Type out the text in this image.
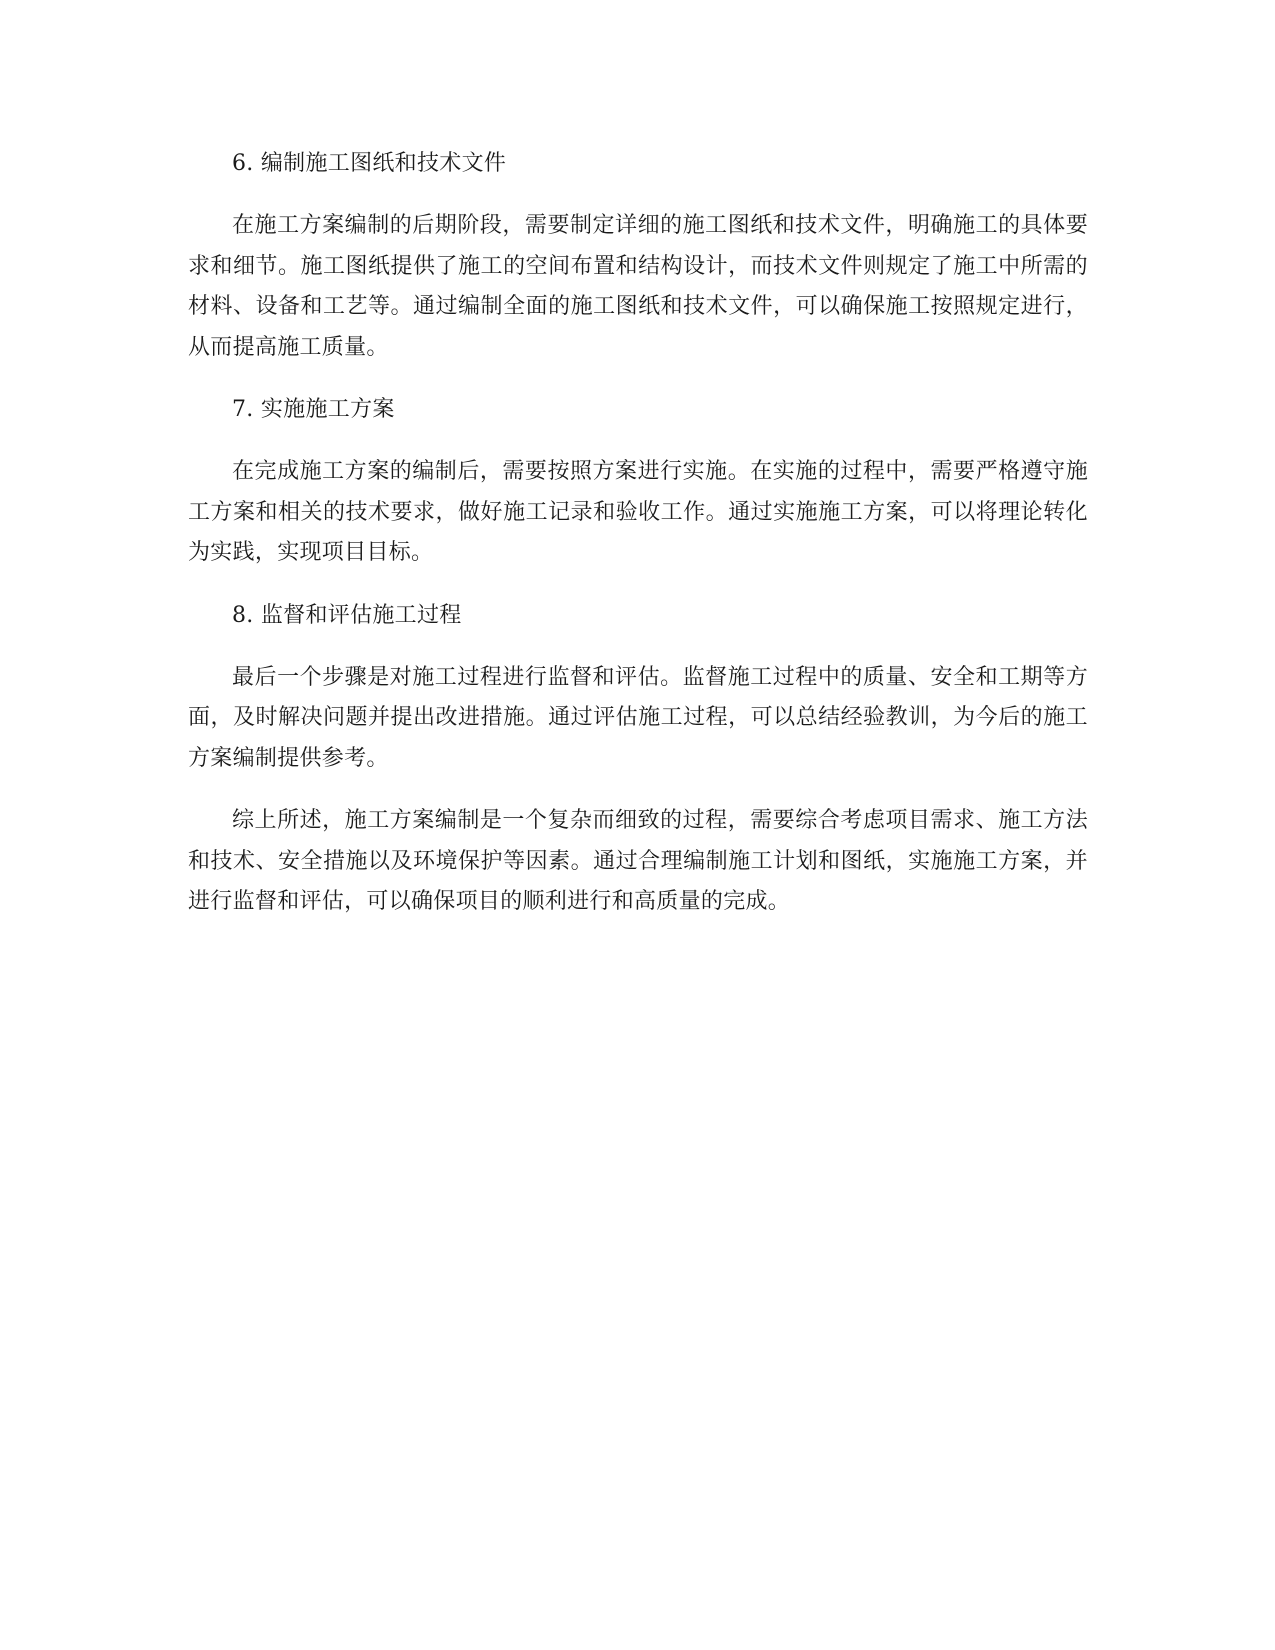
6. 编制施工图纸和技术文件

在施工方案编制的后期阶段，需要制定详细的施工图纸和技术文件，明确施工的具体要求和细节。施工图纸提供了施工的空间布置和结构设计，而技术文件则规定了施工中所需的材料、设备和工艺等。通过编制全面的施工图纸和技术文件，可以确保施工按照规定进行，从而提高施工质量。

7. 实施施工方案

在完成施工方案的编制后，需要按照方案进行实施。在实施的过程中，需要严格遵守施工方案和相关的技术要求，做好施工记录和验收工作。通过实施施工方案，可以将理论转化为实践，实现项目目标。

8. 监督和评估施工过程

最后一个步骤是对施工过程进行监督和评估。监督施工过程中的质量、安全和工期等方面，及时解决问题并提出改进措施。通过评估施工过程，可以总结经验教训，为今后的施工方案编制提供参考。

综上所述，施工方案编制是一个复杂而细致的过程，需要综合考虑项目需求、施工方法和技术、安全措施以及环境保护等因素。通过合理编制施工计划和图纸，实施施工方案，并进行监督和评估，可以确保项目的顺利进行和高质量的完成。
